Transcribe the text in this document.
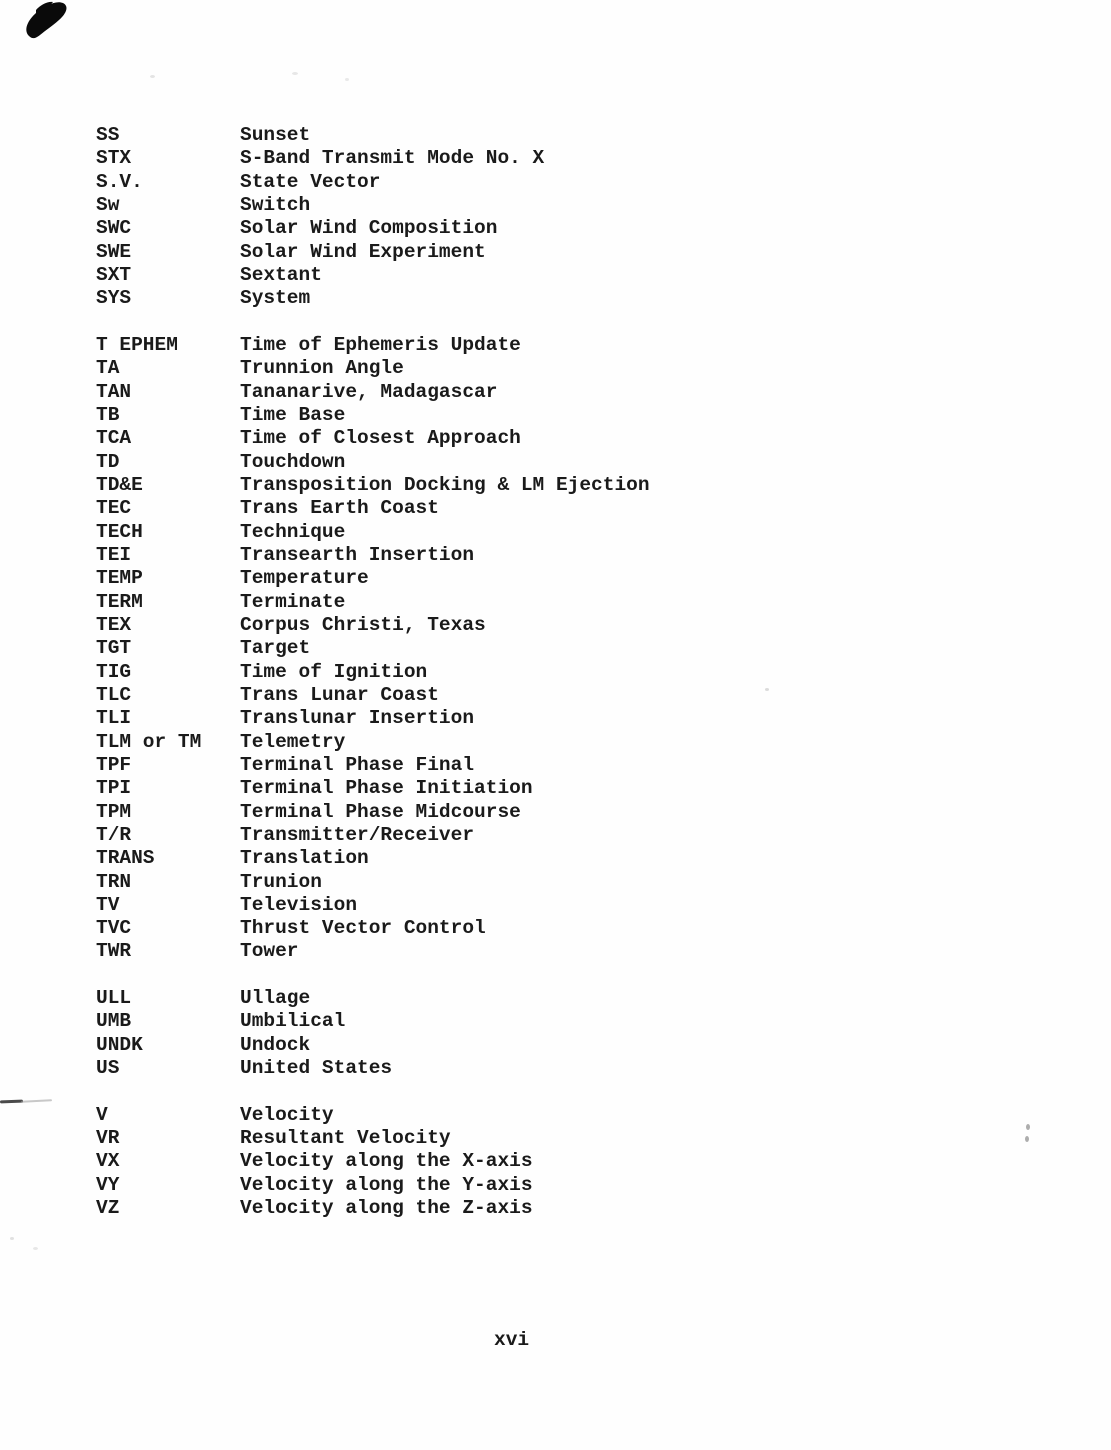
SS	Sunset
STX	S-Band Transmit Mode No. X
S.V.	State Vector
Sw	Switch
SWC	Solar Wind Composition
SWE	Solar Wind Experiment
SXT	Sextant
SYS	System
T EPHEM	Time of Ephemeris Update
TA	Trunnion Angle
TAN	Tananarive, Madagascar
TB	Time Base
TCA	Time of Closest Approach
TD	Touchdown
TD&E	Transposition Docking & LM Ejection
TEC	Trans Earth Coast
TECH	Technique
TEI	Transearth Insertion
TEMP	Temperature
TERM	Terminate
TEX	Corpus Christi, Texas
TGT	Target
TIG	Time of Ignition
TLC	Trans Lunar Coast
TLI	Translunar Insertion
TLM or TM	Telemetry
TPF	Terminal Phase Final
TPI	Terminal Phase Initiation
TPM	Terminal Phase Midcourse
T/R	Transmitter/Receiver
TRANS	Translation
TRN	Trunion
TV	Television
TVC	Thrust Vector Control
TWR	Tower
ULL	Ullage
UMB	Umbilical
UNDK	Undock
US	United States
V	Velocity
VR	Resultant Velocity
VX	Velocity along the X-axis
VY	Velocity along the Y-axis
VZ	Velocity along the Z-axis
xvi
